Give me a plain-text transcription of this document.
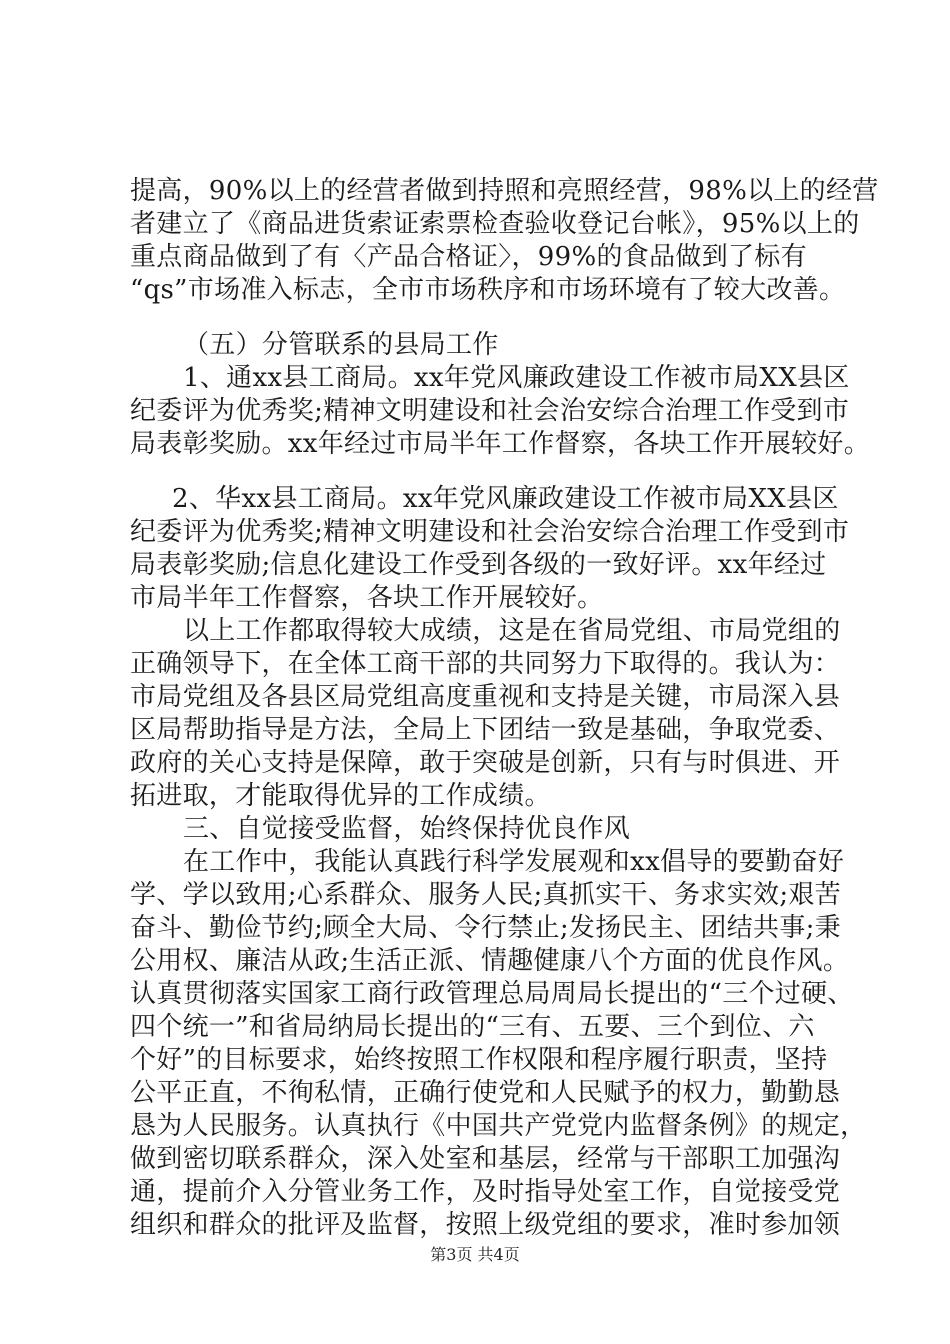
提高，90%以上的经营者做到持照和亮照经营，98%以上的经营
者建立了《商品进货索证索票检查验收登记台帐》，95%以上的
重点商品做到了有〈产品合格证〉，99%的食品做到了标有
“qs”市场准入标志，全市市场秩序和市场环境有了较大改善。
（五）分管联系的县局工作
1、通xx县工商局。xx年党风廉政建设工作被市局XX县区
纪委评为优秀奖;精神文明建设和社会治安综合治理工作受到市
局表彰奖励。xx年经过市局半年工作督察，各块工作开展较好。
2、华xx县工商局。xx年党风廉政建设工作被市局XX县区
纪委评为优秀奖;精神文明建设和社会治安综合治理工作受到市
局表彰奖励;信息化建设工作受到各级的一致好评。xx年经过
市局半年工作督察，各块工作开展较好。
以上工作都取得较大成绩，这是在省局党组、市局党组的
正确领导下，在全体工商干部的共同努力下取得的。我认为：
市局党组及各县区局党组高度重视和支持是关键，市局深入县
区局帮助指导是方法，全局上下团结一致是基础，争取党委、
政府的关心支持是保障，敢于突破是创新，只有与时俱进、开
拓进取，才能取得优异的工作成绩。
三、自觉接受监督，始终保持优良作风
在工作中，我能认真践行科学发展观和xx倡导的要勤奋好
学、学以致用;心系群众、服务人民;真抓实干、务求实效;艰苦
奋斗、勤俭节约;顾全大局、令行禁止;发扬民主、团结共事;秉
公用权、廉洁从政;生活正派、情趣健康八个方面的优良作风。
认真贯彻落实国家工商行政管理总局周局长提出的“三个过硬、
四个统一”和省局纳局长提出的“三有、五要、三个到位、六
个好”的目标要求，始终按照工作权限和程序履行职责，坚持
公平正直，不徇私情，正确行使党和人民赋予的权力，勤勤恳
恳为人民服务。认真执行《中国共产党党内监督条例》的规定，
做到密切联系群众，深入处室和基层，经常与干部职工加强沟
通，提前介入分管业务工作，及时指导处室工作，自觉接受党
组织和群众的批评及监督，按照上级党组的要求，准时参加领
第3页 共4页
